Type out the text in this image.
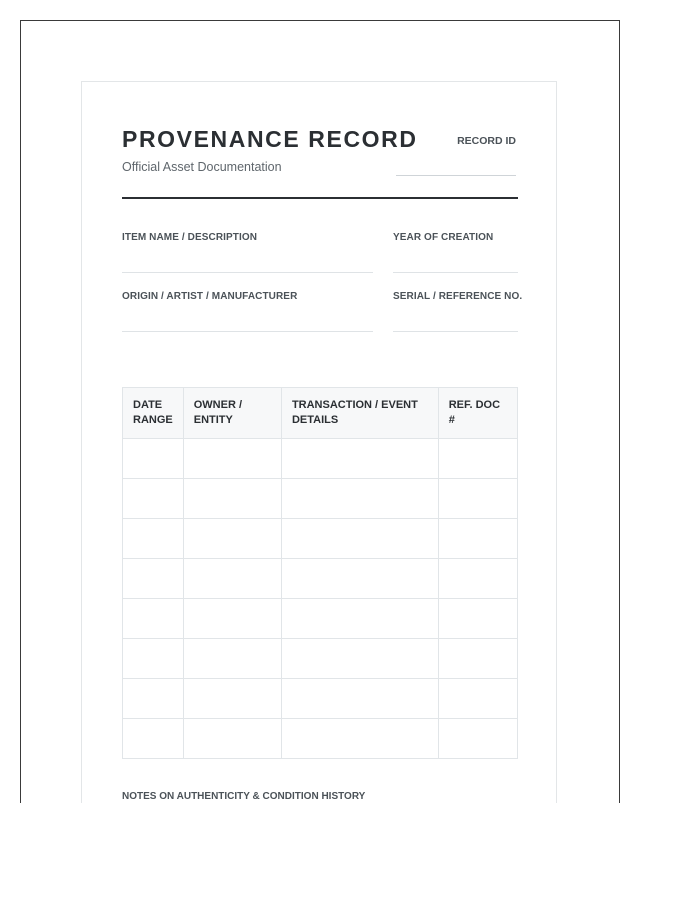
PROVENANCE RECORD
Official Asset Documentation
RECORD ID
ITEM NAME / DESCRIPTION	YEAR OF CREATION
ORIGIN / ARTIST / MANUFACTURER	SERIAL / REFERENCE NO.
DATE RANGE	OWNER / ENTITY	TRANSACTION / EVENT DETAILS	REF. DOC #

NOTES ON AUTHENTICITY & CONDITION HISTORY
